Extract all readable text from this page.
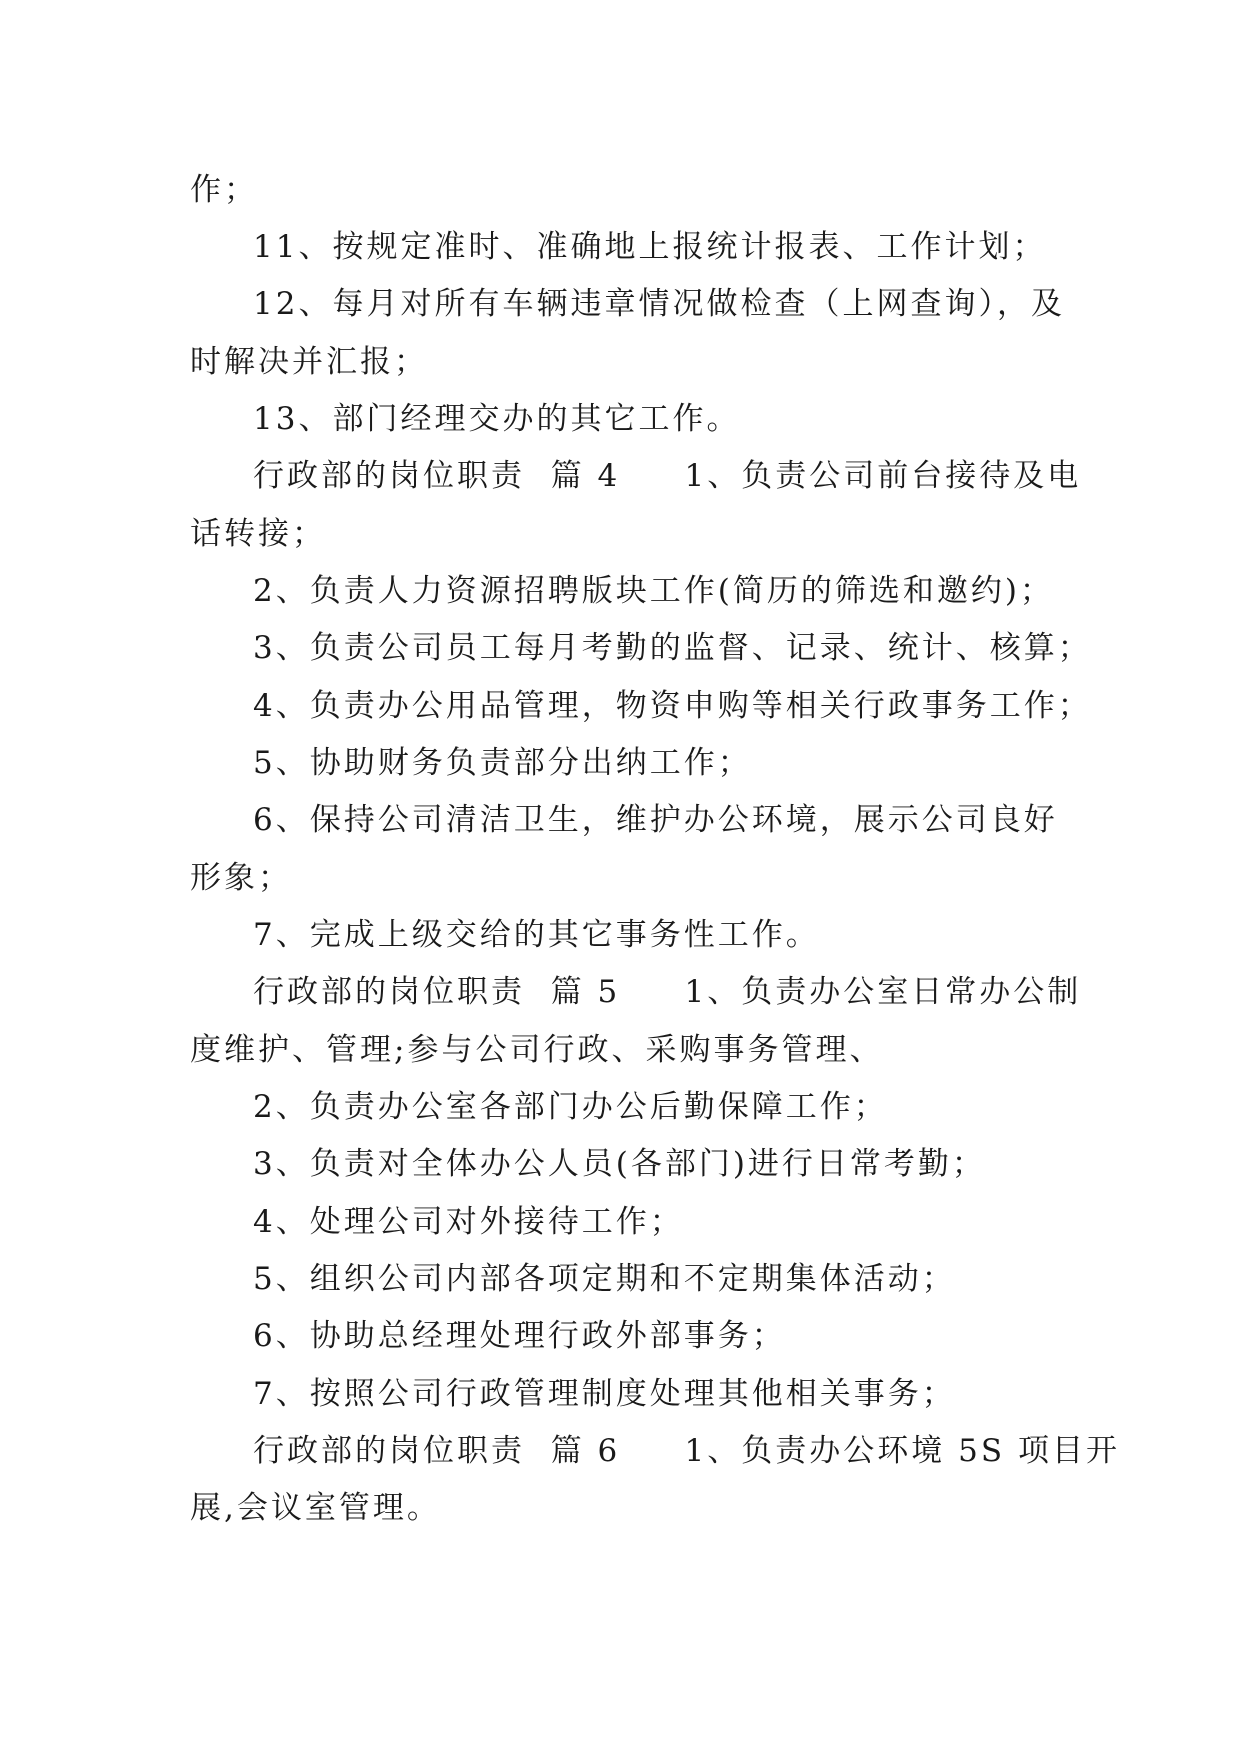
作；
11、按规定准时、准确地上报统计报表、工作计划；
12、每月对所有车辆违章情况做检查（上网查询），及
时解决并汇报；
13、部门经理交办的其它工作。
行政部的岗位职责  篇 4     1、负责公司前台接待及电
话转接；
2、负责人力资源招聘版块工作(简历的筛选和邀约)；
3、负责公司员工每月考勤的监督、记录、统计、核算；
4、负责办公用品管理，物资申购等相关行政事务工作；
5、协助财务负责部分出纳工作；
6、保持公司清洁卫生，维护办公环境，展示公司良好
形象；
7、完成上级交给的其它事务性工作。
行政部的岗位职责  篇 5     1、负责办公室日常办公制
度维护、管理;参与公司行政、采购事务管理、
2、负责办公室各部门办公后勤保障工作；
3、负责对全体办公人员(各部门)进行日常考勤；
4、处理公司对外接待工作；
5、组织公司内部各项定期和不定期集体活动；
6、协助总经理处理行政外部事务；
7、按照公司行政管理制度处理其他相关事务；
行政部的岗位职责  篇 6     1、负责办公环境 5S 项目开
展,会议室管理。
